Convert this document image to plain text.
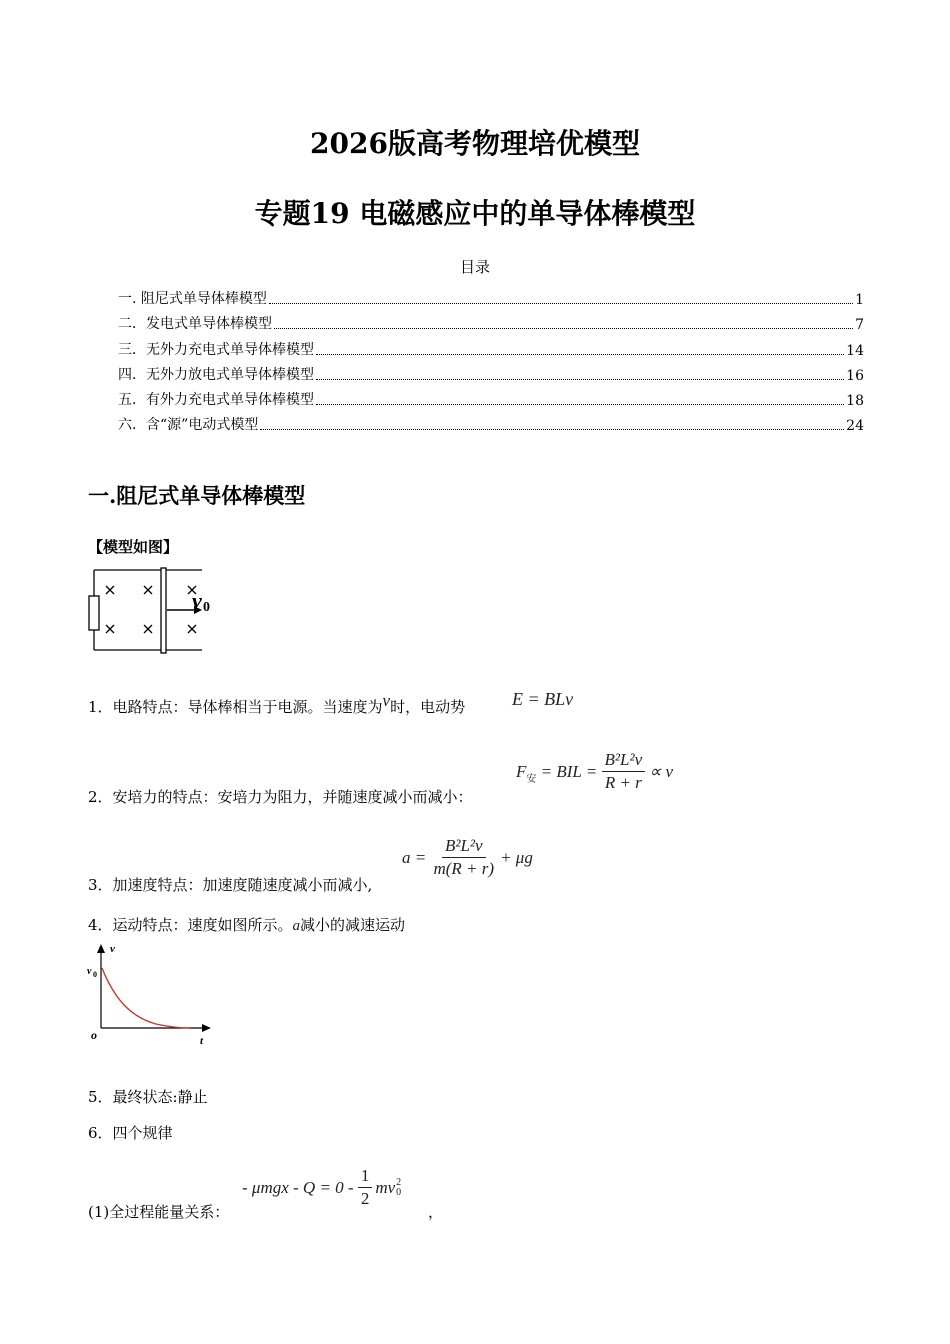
2026版高考物理培优模型
专题19 电磁感应中的单导体棒模型
目录
一. 阻尼式单导体棒模型	1
二．发电式单导体棒模型	7
三．无外力充电式单导体棒模型	14
四．无外力放电式单导体棒模型	16
五．有外力充电式单导体棒模型	18
六．含“源”电动式模型	24
一.阻尼式单导体棒模型
【模型如图】
v 0
1．电路特点：导体棒相当于电源。当速度为v时，电动势	E = BLv
2．安培力的特点：安培力为阻力，并随速度减小而减小：
$F_安$ = BIL = $\frac{\text{B²L²v}}{R + r} \propto v$
3．加速度特点：加速度随速度减小而减小,
$a = \frac{\text{B²L²v}}{m(R + r)} + \mu g$
4．运动特点：速度如图所示。a减小的减速运动
v
t
o
v 0
5．最终状态:静止
6．四个规律
(1)全过程能量关系：
- $\mu mgx - Q = 0 - \frac{1}{2}$ mv 2
0
，
